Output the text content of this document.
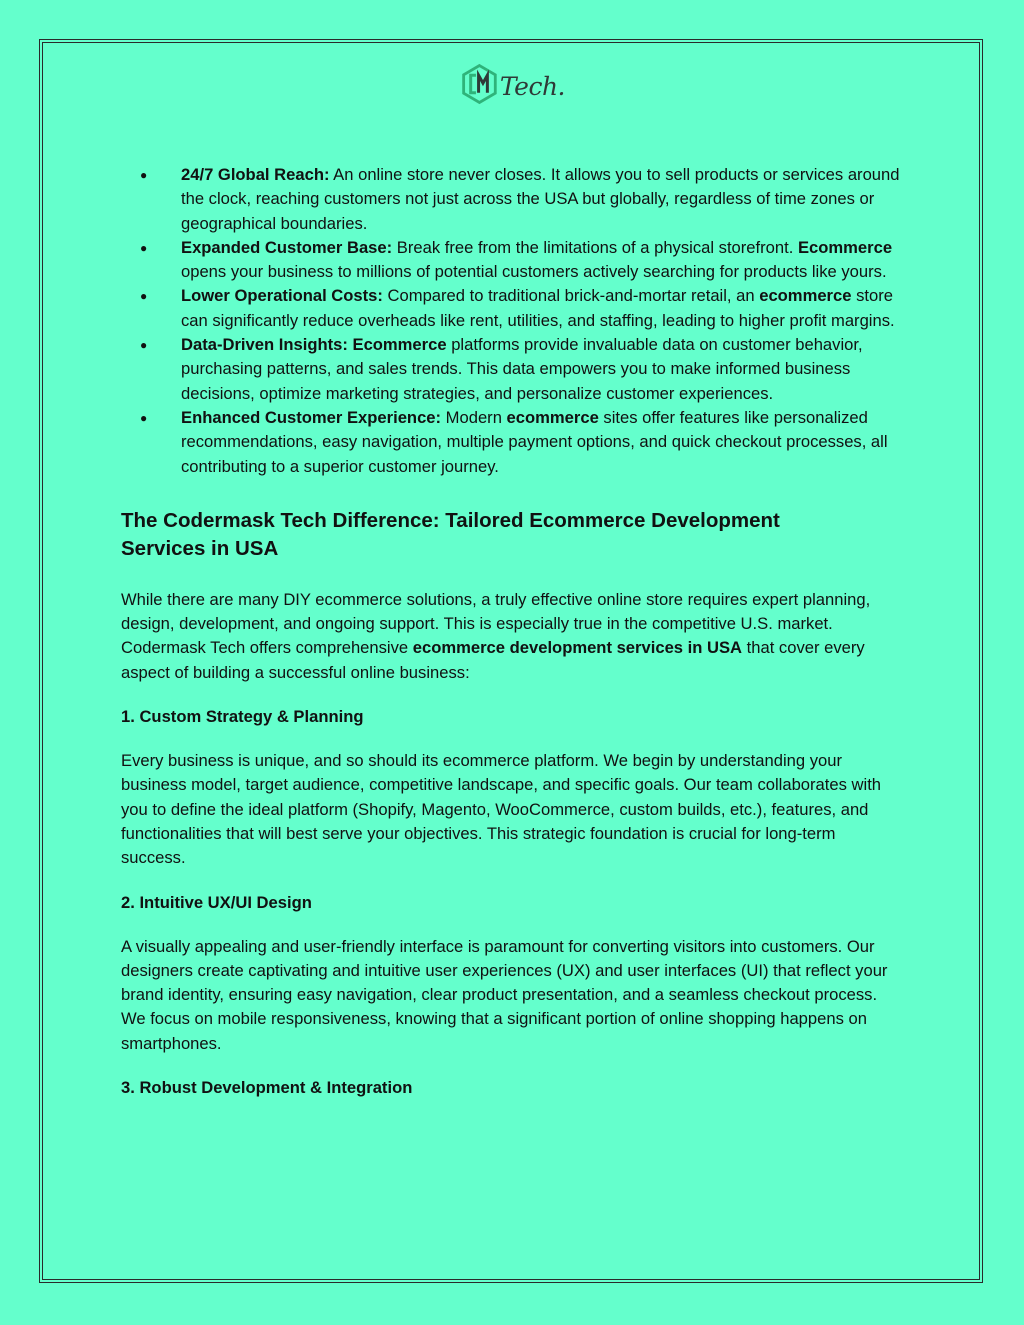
Tech.
● 24/7 Global Reach: An online store never closes. It allows you to sell products or services around the clock, reaching customers not just across the USA but globally, regardless of time zones or geographical boundaries.
● Expanded Customer Base: Break free from the limitations of a physical storefront. Ecommerce opens your business to millions of potential customers actively searching for products like yours.
● Lower Operational Costs: Compared to traditional brick-and-mortar retail, an ecommerce store can significantly reduce overheads like rent, utilities, and staffing, leading to higher profit margins.
● Data-Driven Insights: Ecommerce platforms provide invaluable data on customer behavior, purchasing patterns, and sales trends. This data empowers you to make informed business decisions, optimize marketing strategies, and personalize customer experiences.
● Enhanced Customer Experience: Modern ecommerce sites offer features like personalized recommendations, easy navigation, multiple payment options, and quick checkout processes, all contributing to a superior customer journey.
The Codermask Tech Difference: Tailored Ecommerce Development Services in USA

While there are many DIY ecommerce solutions, a truly effective online store requires expert planning, design, development, and ongoing support. This is especially true in the competitive U.S. market. Codermask Tech offers comprehensive ecommerce development services in USA that cover every aspect of building a successful online business:

1. Custom Strategy & Planning

Every business is unique, and so should its ecommerce platform. We begin by understanding your business model, target audience, competitive landscape, and specific goals. Our team collaborates with you to define the ideal platform (Shopify, Magento, WooCommerce, custom builds, etc.), features, and functionalities that will best serve your objectives. This strategic foundation is crucial for long-term success.

2. Intuitive UX/UI Design

A visually appealing and user-friendly interface is paramount for converting visitors into customers. Our designers create captivating and intuitive user experiences (UX) and user interfaces (UI) that reflect your brand identity, ensuring easy navigation, clear product presentation, and a seamless checkout process. We focus on mobile responsiveness, knowing that a significant portion of online shopping happens on smartphones.

3. Robust Development & Integration
